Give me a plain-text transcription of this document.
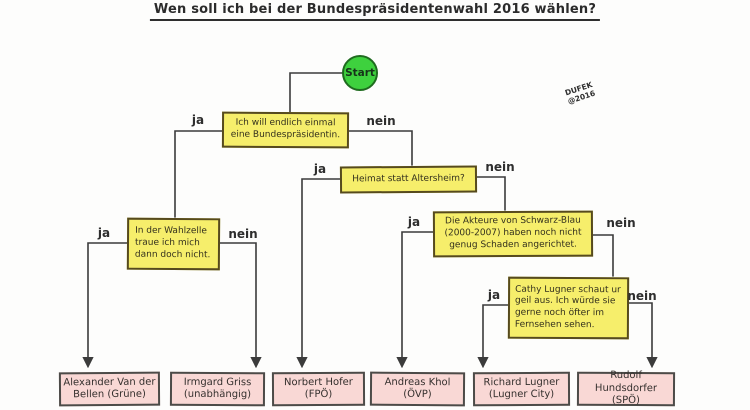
Wen soll ich bei der Bundespräsidentenwahl 2016 wählen?
DUFEK
@2016
Start
Ich will endlich einmal eine Bundespräsidentin.
Heimat statt Altersheim?
In der Wahlzelle traue ich mich dann doch nicht.
Die Akteure von Schwarz-Blau (2000-2007) haben noch nicht genug Schaden angerichtet.
Cathy Lugner schaut ur geil aus. Ich würde sie gerne noch öfter im Fernsehen sehen.
ja	nein
ja	nein
ja	nein
ja	nein
ja	nein
Alexander Van der Bellen (Grüne)
Irmgard Griss (unabhängig)
Norbert Hofer (FPÖ)
Andreas Khol (ÖVP)
Richard Lugner (Lugner City)
Rudolf Hundsdorfer (SPÖ)
